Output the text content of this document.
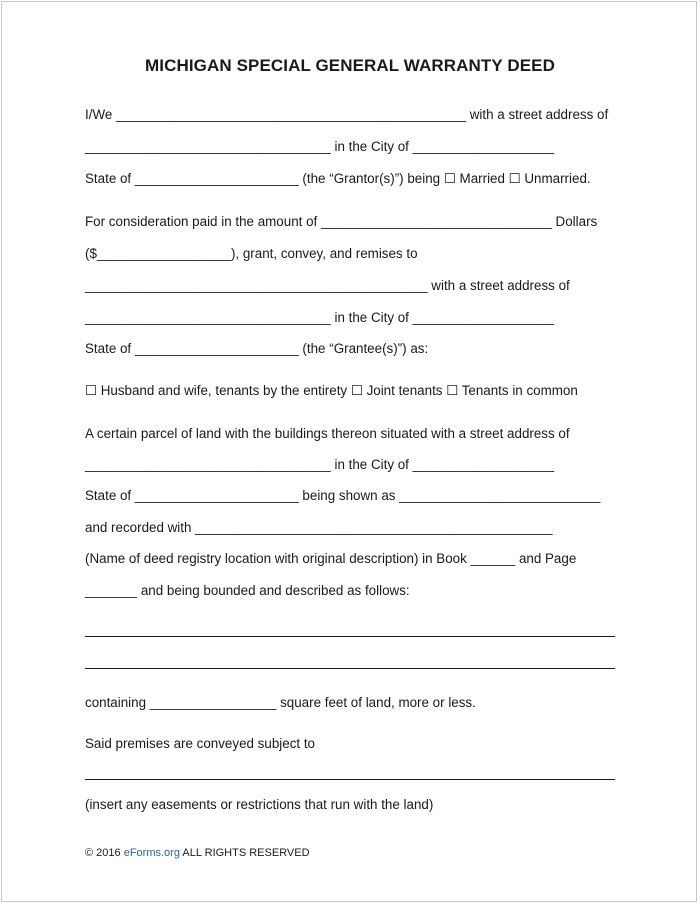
MICHIGAN SPECIAL GENERAL WARRANTY DEED
I/We _______________________________________________ with a street address of
_________________________________ in the City of ___________________
State of ______________________ (the “Grantor(s)”) being ☐ Married ☐ Unmarried.
For consideration paid in the amount of _______________________________ Dollars
($__________________), grant, convey, and remises to
______________________________________________ with a street address of
_________________________________ in the City of ___________________
State of ______________________ (the “Grantee(s)”) as:
☐ Husband and wife, tenants by the entirety ☐ Joint tenants ☐ Tenants in common
A certain parcel of land with the buildings thereon situated with a street address of
_________________________________ in the City of ___________________
State of ______________________ being shown as ___________________________
and recorded with ________________________________________________
(Name of deed registry location with original description) in Book ______ and Page
_______ and being bounded and described as follows:
containing _________________ square feet of land, more or less.
Said premises are conveyed subject to
(insert any easements or restrictions that run with the land)
© 2016 eForms.org ALL RIGHTS RESERVED
